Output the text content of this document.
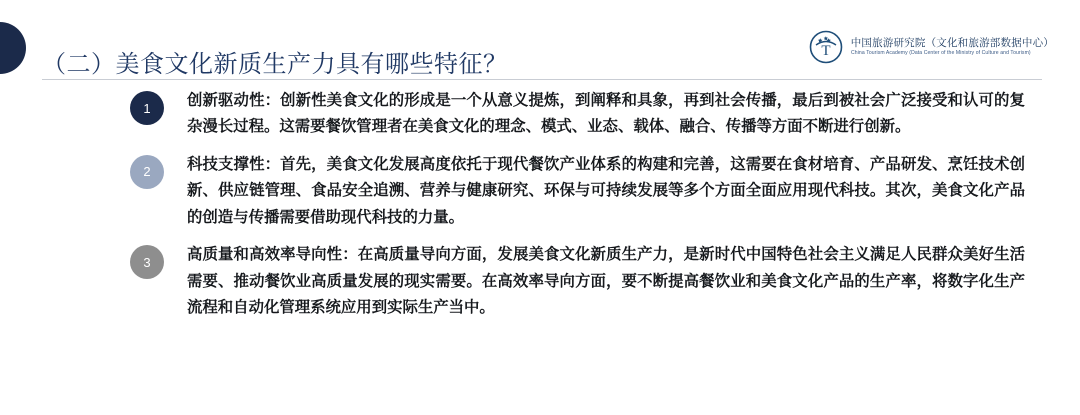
T 中国旅游研究院（文化和旅游部数据中心）
China Tourism Academy (Data Center of the Ministry of Culture and Tourism)
（二）美食文化新质生产力具有哪些特征？
1	创新驱动性：创新性美食文化的形成是一个从意义提炼，到阐释和具象，再到社会传播，最后到被社会广泛接受和认可的复杂漫长过程。这需要餐饮管理者在美食文化的理念、模式、业态、载体、融合、传播等方面不断进行创新。
2	科技支撑性：首先，美食文化发展高度依托于现代餐饮产业体系的构建和完善，这需要在食材培育、产品研发、烹饪技术创新、供应链管理、食品安全追溯、营养与健康研究、环保与可持续发展等多个方面全面应用现代科技。其次，美食文化产品的创造与传播需要借助现代科技的力量。
3	高质量和高效率导向性：在高质量导向方面，发展美食文化新质生产力，是新时代中国特色社会主义满足人民群众美好生活需要、推动餐饮业高质量发展的现实需要。在高效率导向方面，要不断提高餐饮业和美食文化产品的生产率，将数字化生产流程和自动化管理系统应用到实际生产当中。
